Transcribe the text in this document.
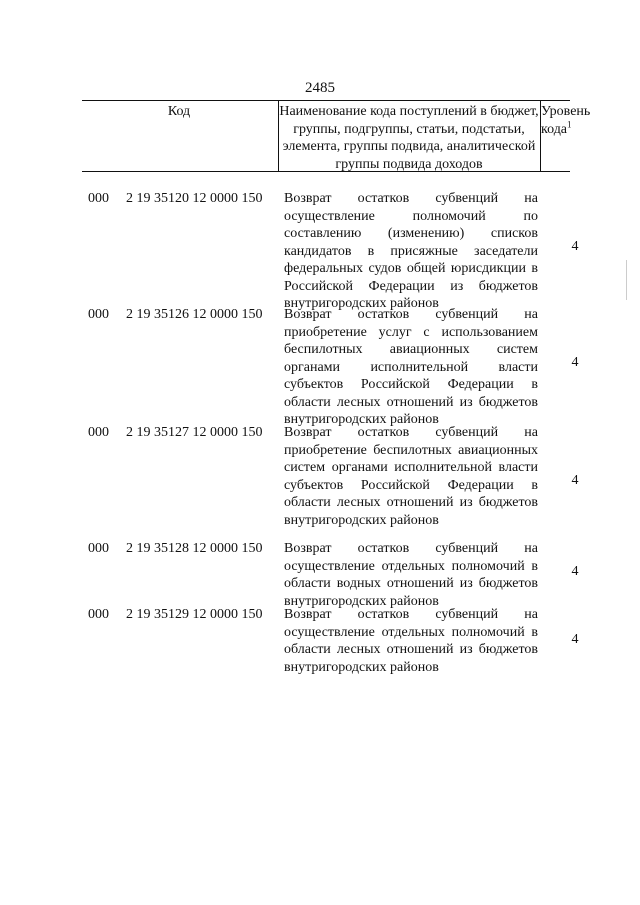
2485
Код	Наименование кода поступлений в бюджет, группы, подгруппы, статьи, подстатьи, элемента, группы подвида, аналитической группы подвида доходов
Уровень
кода$^1$
000 2 19 35120 12 0000 150 Возврат остатков субвенций на осуществление полномочий по составлению (изменению) списков кандидатов в присяжные заседатели федеральных судов общей юрисдикции в Российской Федерации из бюджетов внутригородских районов
4
000 2 19 35126 12 0000 150 Возврат остатков субвенций на приобретение услуг с использованием беспилотных авиационных систем органами исполнительной власти субъектов Российской Федерации в области лесных отношений из бюджетов внутригородских районов
4
000 2 19 35127 12 0000 150 Возврат остатков субвенций на приобретение беспилотных авиационных систем органами исполнительной власти субъектов Российской Федерации в области лесных отношений из бюджетов внутригородских районов
4
000 2 19 35128 12 0000 150 Возврат остатков субвенций на осуществление отдельных полномочий в области водных отношений из бюджетов внутригородских районов
4
000 2 19 35129 12 0000 150 Возврат остатков субвенций на осуществление отдельных полномочий в области лесных отношений из бюджетов внутригородских районов
4
